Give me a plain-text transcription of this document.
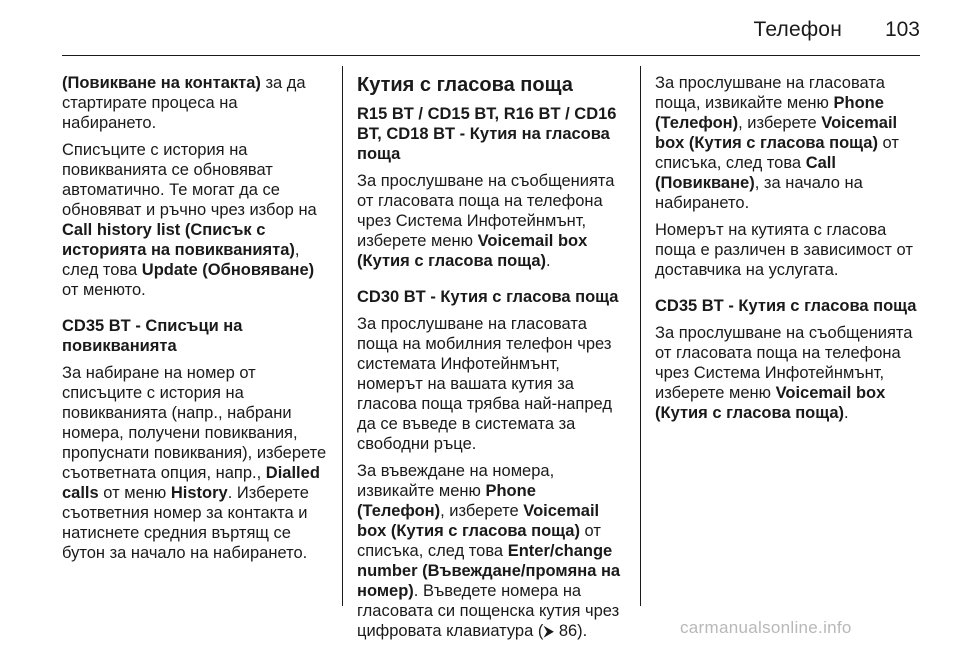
Телефон 103

(Повикване на контакта) за да стартирате процеса на набирането.

Списъците с история на повикванията се обновяват автоматично. Те могат да се обновяват и ръчно чрез избор на Call history list (Списък с историята на повикванията), след това Update (Обновяване) от менюто.

CD35 BT - Списъци на повикванията

За набиране на номер от списъците с история на повикванията (напр., набрани номера, получени повиквания, пропуснати повиквания), изберете съответната опция, напр., Dialled calls от меню History. Изберете съответния номер за контакта и натиснете средния въртящ се бутон за начало на набирането.

Кутия с гласова поща

R15 BT / CD15 BT, R16 BT / CD16 BT, CD18 BT - Кутия на гласова поща

За прослушване на съобщенията от гласовата поща на телефона чрез Система Инфотейнмънт, изберете меню Voicemail box (Кутия с гласова поща).

CD30 BT - Кутия с гласова поща

За прослушване на гласовата поща на мобилния телефон чрез системата Инфотейнмънт, номерът на вашата кутия за гласова поща трябва най-напред да се въведе в системата за свободни ръце.

За въвеждане на номера, извикайте меню Phone (Телефон), изберете Voicemail box (Кутия с гласова поща) от списъка, след това Enter/change number (Въвеждане/промяна на номер). Въведете номера на гласовата си пощенска кутия чрез цифровата клавиатура (⮞ 86).

За прослушване на гласовата поща, извикайте меню Phone (Телефон), изберете Voicemail box (Кутия с гласова поща) от списъка, след това Call (Повикване), за начало на набирането.

Номерът на кутията с гласова поща е различен в зависимост от доставчика на услугата.

CD35 BT - Кутия с гласова поща

За прослушване на съобщенията от гласовата поща на телефона чрез Система Инфотейнмънт, изберете меню Voicemail box (Кутия с гласова поща).

carmanualsonline.info
